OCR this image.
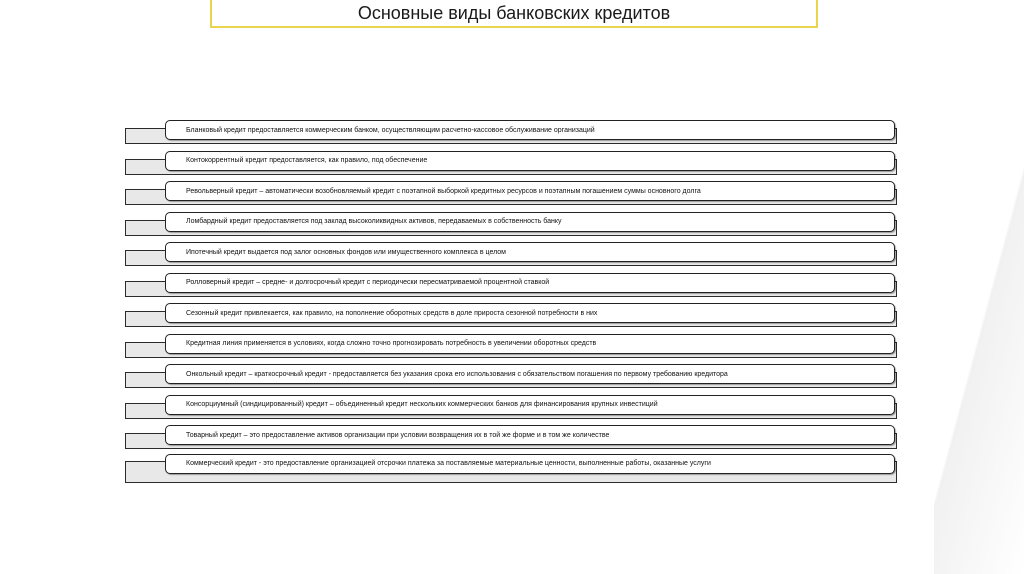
Основные виды банковских кредитов
Бланковый кредит предоставляется коммерческим банком, осуществляющим расчетно-кассовое обслуживание организаций
Контокоррентный кредит предоставляется, как правило, под обеспечение
Револьверный кредит – автоматически возобновляемый кредит с поэтапной выборкой кредитных ресурсов и поэтапным погашением суммы основного долга
Ломбардный кредит предоставляется под заклад высоколиквидных активов, передаваемых в собственность банку
Ипотечный кредит выдается под залог основных фондов или имущественного комплекса в целом
Ролловерный кредит – средне- и долгосрочный кредит с периодически пересматриваемой процентной ставкой
Сезонный кредит привлекается, как правило, на пополнение оборотных средств в доле прироста сезонной потребности в них
Кредитная линия применяется в условиях, когда сложно точно прогнозировать потребность в увеличении оборотных средств
Онкольный кредит – краткосрочный кредит - предоставляется без указания срока его использования с обязательством погашения по первому требованию кредитора
Консорциумный (синдицированный) кредит – объединенный кредит нескольких коммерческих банков для финансирования крупных инвестиций
Товарный кредит – это предоставление активов организации при условии возвращения их в той же форме и в том же количестве
Коммерческий кредит - это предоставление организацией отсрочки платежа за поставляемые материальные ценности, выполненные работы, оказанные услуги
